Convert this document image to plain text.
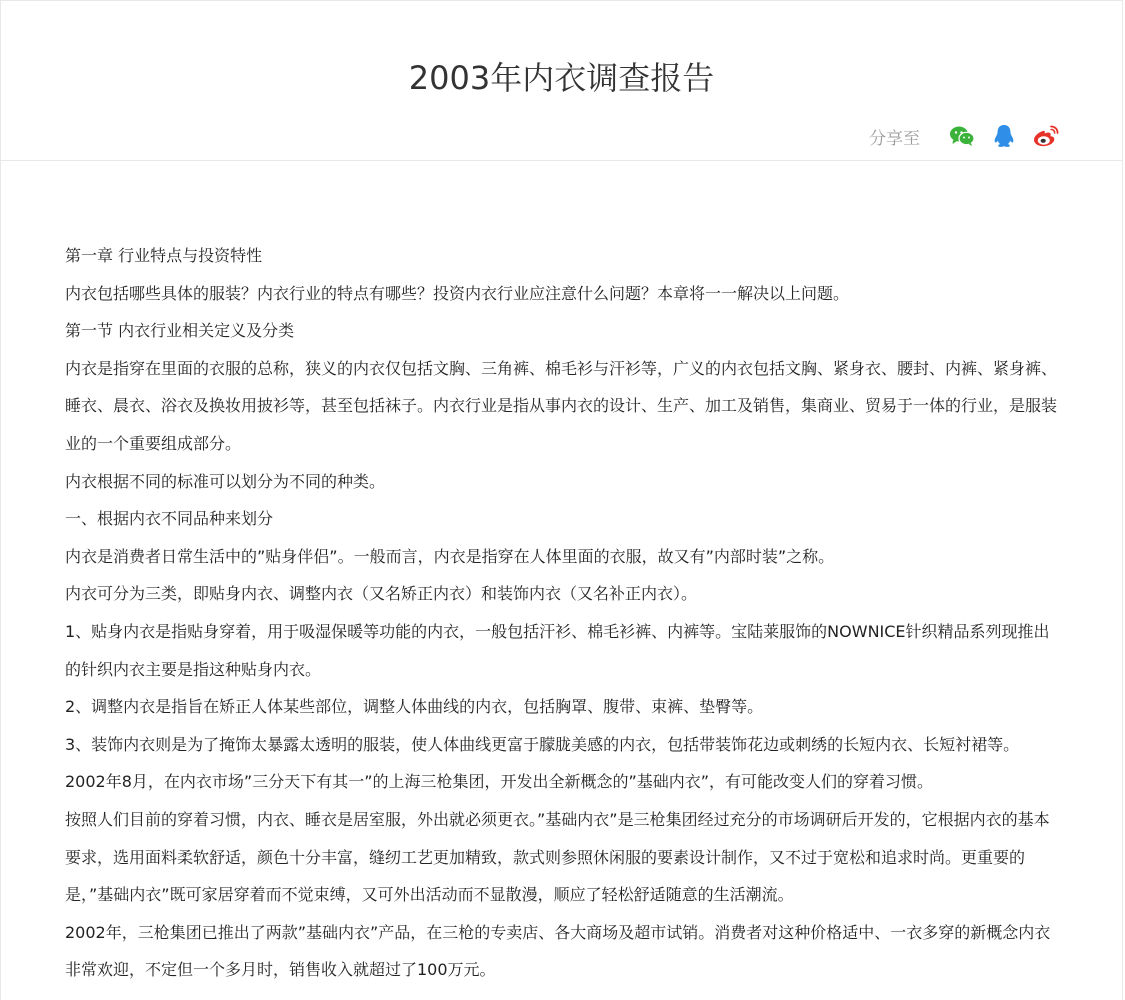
2003年内衣调查报告
分享至

第一章 行业特点与投资特性

内衣包括哪些具体的服装？内衣行业的特点有哪些？投资内衣行业应注意什么问题？本章将一一解决以上问题。

第一节 内衣行业相关定义及分类

内衣是指穿在里面的衣服的总称，狭义的内衣仅包括文胸、三角裤、棉毛衫与汗衫等，广义的内衣包括文胸、紧身衣、腰封、内裤、紧身裤、睡衣、晨衣、浴衣及换妆用披衫等，甚至包括袜子。内衣行业是指从事内衣的设计、生产、加工及销售，集商业、贸易于一体的行业，是服装业的一个重要组成部分。

内衣根据不同的标准可以划分为不同的种类。

一、根据内衣不同品种来划分

内衣是消费者日常生活中的”贴身伴侣”。一般而言，内衣是指穿在人体里面的衣服，故又有”内部时装”之称。

内衣可分为三类，即贴身内衣、调整内衣（又名矫正内衣）和装饰内衣（又名补正内衣）。

1、贴身内衣是指贴身穿着，用于吸湿保暖等功能的内衣，一般包括汗衫、棉毛衫裤、内裤等。宝陆莱服饰的NOWNICE针织精品系列现推出的针织内衣主要是指这种贴身内衣。

2、调整内衣是指旨在矫正人体某些部位，调整人体曲线的内衣，包括胸罩、腹带、束裤、垫臀等。

3、装饰内衣则是为了掩饰太暴露太透明的服装，使人体曲线更富于朦胧美感的内衣，包括带装饰花边或刺绣的长短内衣、长短衬裙等。

2002年8月，在内衣市场”三分天下有其一”的上海三枪集团，开发出全新概念的”基础内衣”，有可能改变人们的穿着习惯。

按照人们目前的穿着习惯，内衣、睡衣是居室服，外出就必须更衣。”基础内衣”是三枪集团经过充分的市场调研后开发的，它根据内衣的基本要求，选用面料柔软舒适，颜色十分丰富，缝纫工艺更加精致，款式则参照休闲服的要素设计制作，又不过于宽松和追求时尚。更重要的是，”基础内衣”既可家居穿着而不觉束缚，又可外出活动而不显散漫，顺应了轻松舒适随意的生活潮流。

2002年，三枪集团已推出了两款”基础内衣”产品，在三枪的专卖店、各大商场及超市试销。消费者对这种价格适中、一衣多穿的新概念内衣非常欢迎，不定但一个多月时，销售收入就超过了100万元。
